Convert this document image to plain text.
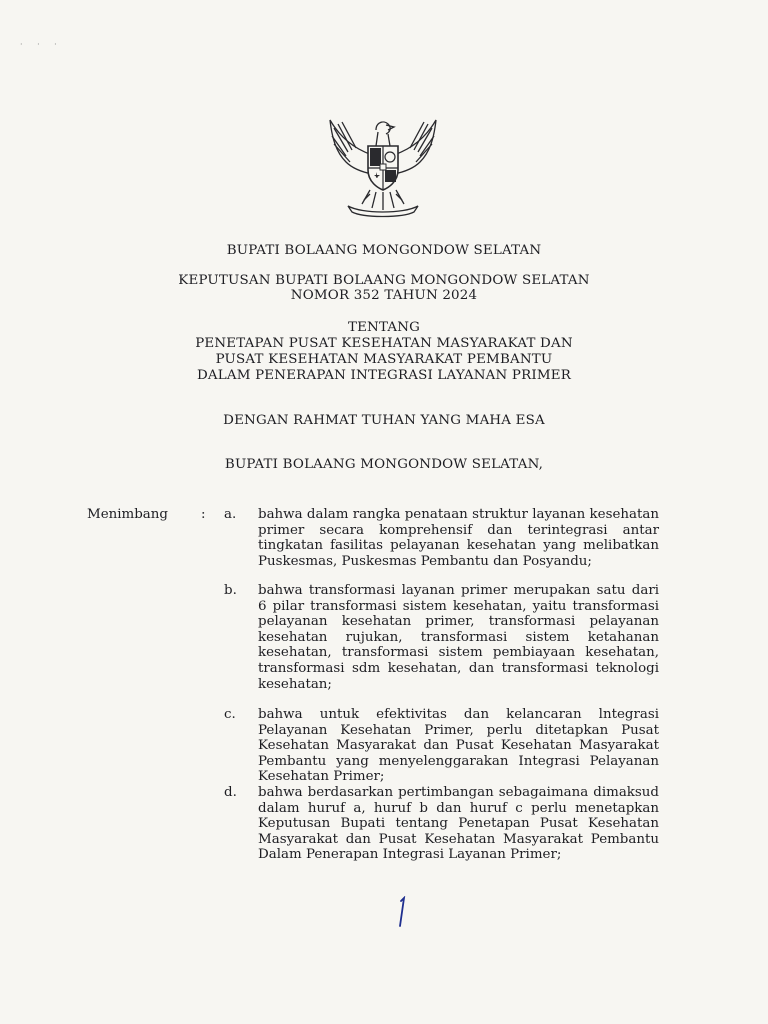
· · ·
BUPATI BOLAANG MONGONDOW SELATAN
KEPUTUSAN BUPATI BOLAANG MONGONDOW SELATAN
NOMOR 352 TAHUN 2024
TENTANG
PENETAPAN PUSAT KESEHATAN MASYARAKAT DAN
PUSAT KESEHATAN MASYARAKAT PEMBANTU
DALAM PENERAPAN INTEGRASI LAYANAN PRIMER
DENGAN RAHMAT TUHAN YANG MAHA ESA
BUPATI BOLAANG MONGONDOW SELATAN,
Menimbang : a.	bahwa dalam rangka penataan struktur layanan kesehatan primer secara komprehensif dan terintegrasi antar tingkatan fasilitas pelayanan kesehatan yang melibatkan Puskesmas, Puskesmas Pembantu dan Posyandu;
b.	bahwa transformasi layanan primer merupakan satu dari 6 pilar transformasi sistem kesehatan, yaitu transformasi pelayanan kesehatan primer, transformasi pelayanan kesehatan rujukan, transformasi sistem ketahanan kesehatan, transformasi sistem pembiayaan kesehatan, transformasi sdm kesehatan, dan transformasi teknologi kesehatan;
c.	bahwa untuk efektivitas dan kelancaran lntegrasi Pelayanan Kesehatan Primer, perlu ditetapkan Pusat Kesehatan Masyarakat dan Pusat Kesehatan Masyarakat Pembantu yang menyelenggarakan Integrasi Pelayanan Kesehatan Primer;
d.	bahwa berdasarkan pertimbangan sebagaimana dimaksud dalam huruf a, huruf b dan huruf c perlu menetapkan Keputusan Bupati tentang Penetapan Pusat Kesehatan Masyarakat dan Pusat Kesehatan Masyarakat Pembantu Dalam Penerapan Integrasi Layanan Primer;
